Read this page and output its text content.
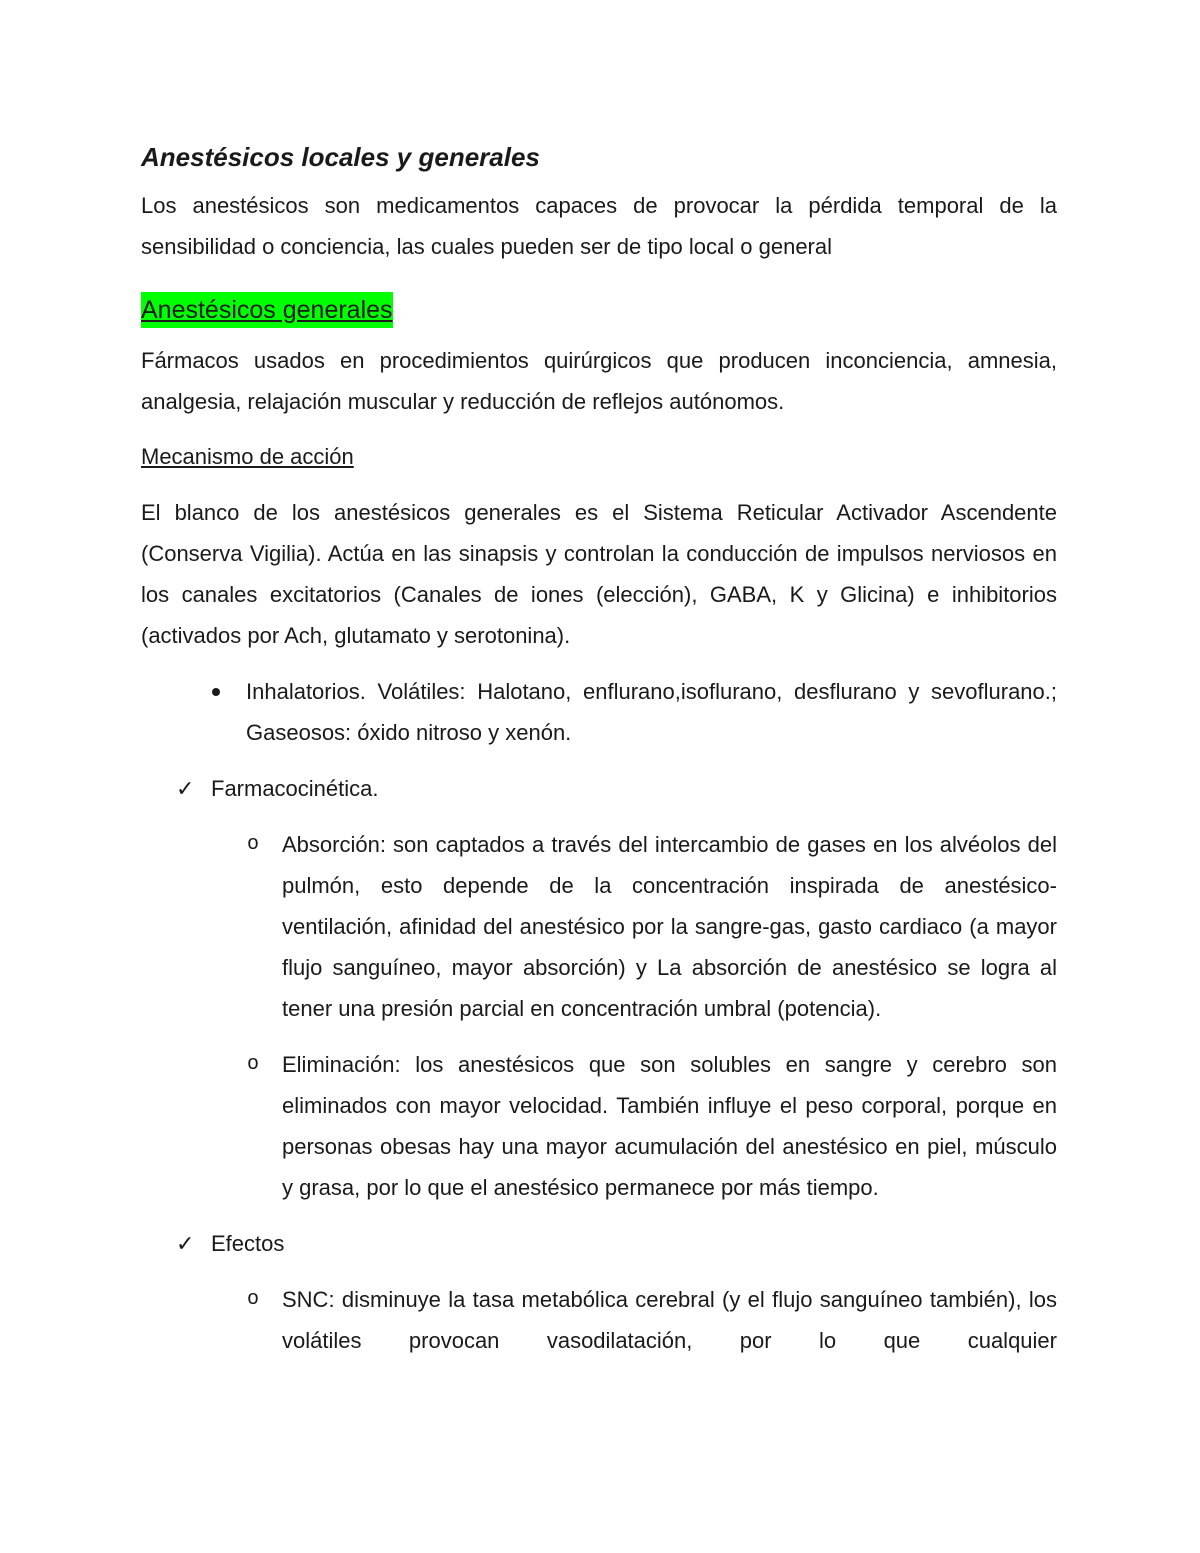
Anestésicos locales y generales

Los anestésicos son medicamentos capaces de provocar la pérdida temporal de la sensibilidad o conciencia, las cuales pueden ser de tipo local o general

Anestésicos generales

Fármacos usados en procedimientos quirúrgicos que producen inconciencia, amnesia, analgesia, relajación muscular y reducción de reflejos autónomos.

Mecanismo de acción

El blanco de los anestésicos generales es el Sistema Reticular Activador Ascendente (Conserva Vigilia). Actúa en las sinapsis y controlan la conducción de impulsos nerviosos en los canales excitatorios (Canales de iones (elección), GABA, K y Glicina) e inhibitorios (activados por Ach, glutamato y serotonina).

Inhalatorios. Volátiles: Halotano, enflurano,isoflurano, desflurano y sevoflurano.; Gaseosos: óxido nitroso y xenón.

✓ Farmacocinética.
o Absorción: son captados a través del intercambio de gases en los alvéolos del pulmón, esto depende de la concentración inspirada de anestésico- ventilación, afinidad del anestésico por la sangre-gas, gasto cardiaco (a mayor flujo sanguíneo, mayor absorción) y La absorción de anestésico se logra al tener una presión parcial en concentración umbral (potencia).

o Eliminación: los anestésicos que son solubles en sangre y cerebro son eliminados con mayor velocidad. También influye el peso corporal, porque en personas obesas hay una mayor acumulación del anestésico en piel, músculo y grasa, por lo que el anestésico permanece por más tiempo.

✓ Efectos
o SNC: disminuye la tasa metabólica cerebral (y el flujo sanguíneo también), los volátiles provocan vasodilatación, por lo que cualquier
